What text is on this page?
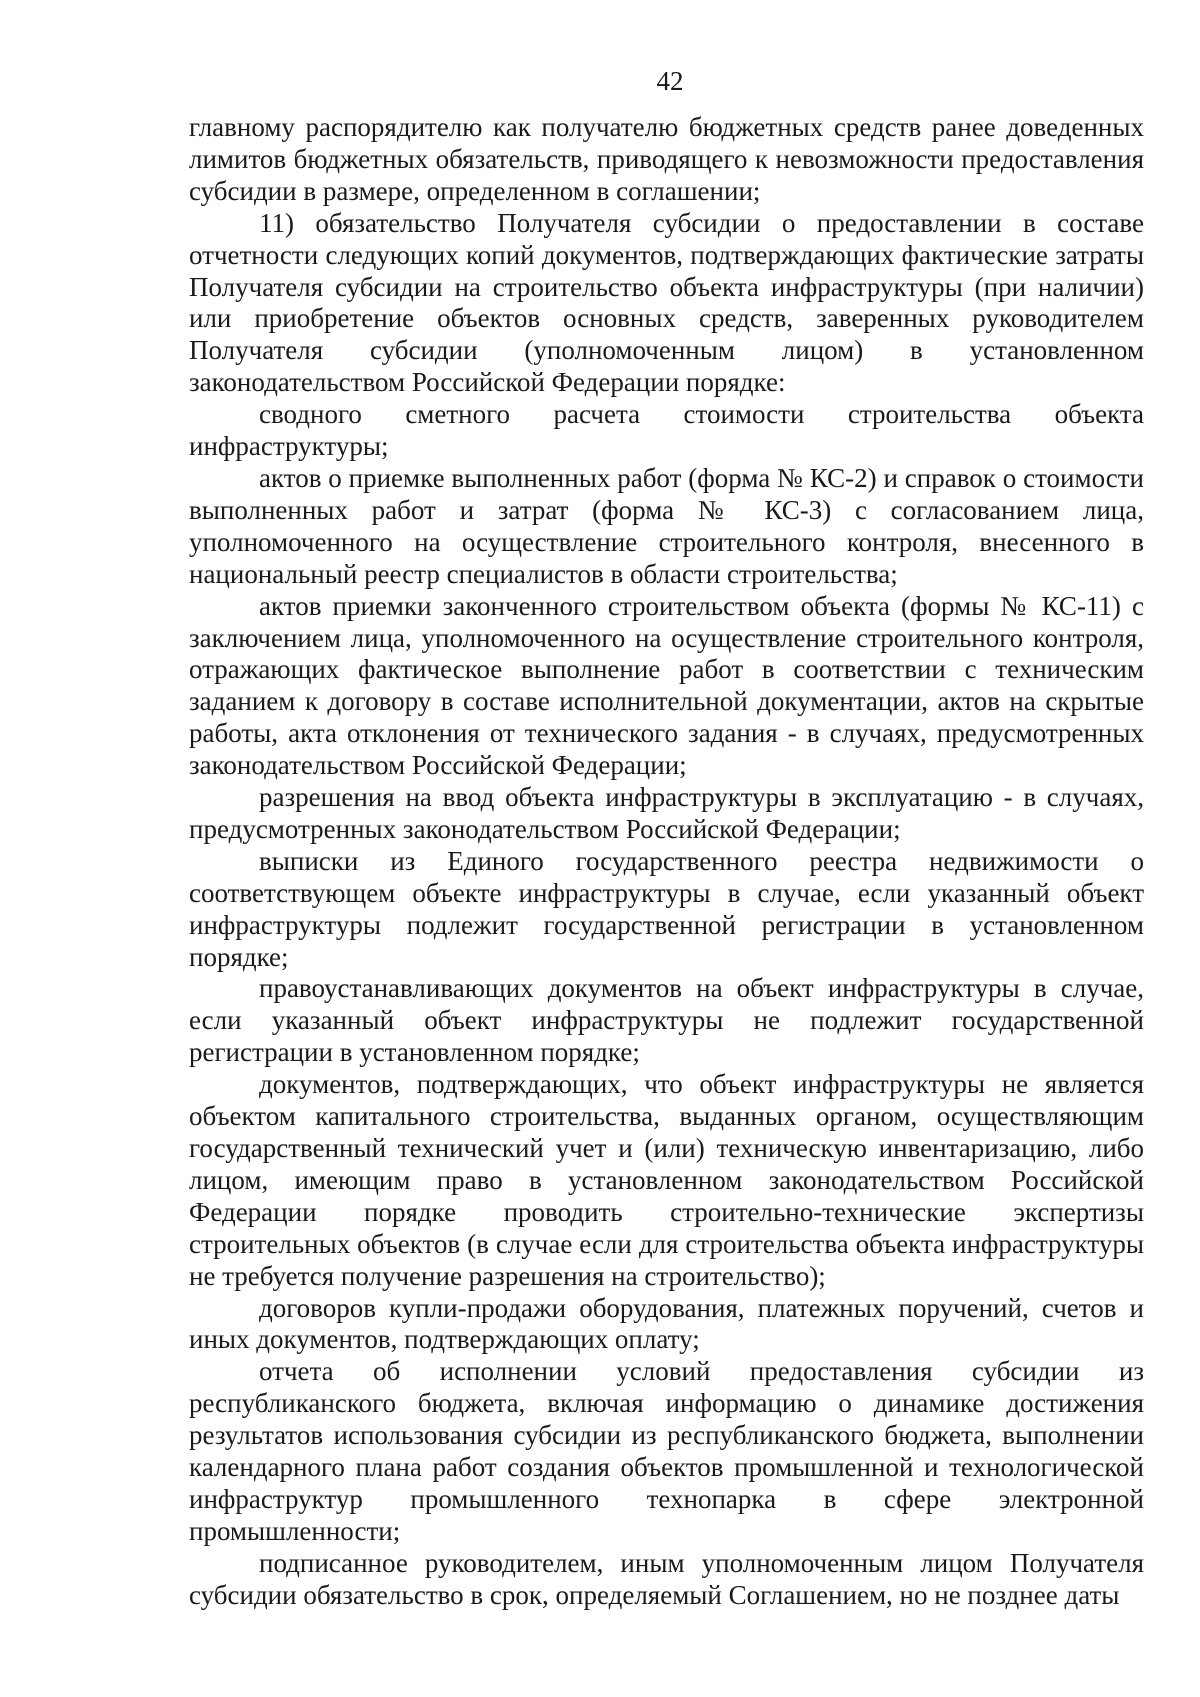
42

главному распорядителю как получателю бюджетных средств ранее доведенных лимитов бюджетных обязательств, приводящего к невозможности предоставления субсидии в размере, определенном в соглашении;

11) обязательство Получателя субсидии о предоставлении в составе отчетности следующих копий документов, подтверждающих фактические затраты Получателя субсидии на строительство объекта инфраструктуры (при наличии) или приобретение объектов основных средств, заверенных руководителем Получателя субсидии (уполномоченным лицом) в установленном законодательством Российской Федерации порядке:

сводного сметного расчета стоимости строительства объекта инфраструктуры;

актов о приемке выполненных работ (форма № КС-2) и справок о стоимости выполненных работ и затрат (форма № КС-3) с согласованием лица, уполномоченного на осуществление строительного контроля, внесенного в национальный реестр специалистов в области строительства;

актов приемки законченного строительством объекта (формы № КС-11) с заключением лица, уполномоченного на осуществление строительного контроля, отражающих фактическое выполнение работ в соответствии с техническим заданием к договору в составе исполнительной документации, актов на скрытые работы, акта отклонения от технического задания - в случаях, предусмотренных законодательством Российской Федерации;

разрешения на ввод объекта инфраструктуры в эксплуатацию - в случаях, предусмотренных законодательством Российской Федерации;

выписки из Единого государственного реестра недвижимости о соответствующем объекте инфраструктуры в случае, если указанный объект инфраструктуры подлежит государственной регистрации в установленном порядке;

правоустанавливающих документов на объект инфраструктуры в случае, если указанный объект инфраструктуры не подлежит государственной регистрации в установленном порядке;

документов, подтверждающих, что объект инфраструктуры не является объектом капитального строительства, выданных органом, осуществляющим государственный технический учет и (или) техническую инвентаризацию, либо лицом, имеющим право в установленном законодательством Российской Федерации порядке проводить строительно-технические экспертизы строительных объектов (в случае если для строительства объекта инфраструктуры не требуется получение разрешения на строительство);

договоров купли-продажи оборудования, платежных поручений, счетов и иных документов, подтверждающих оплату;

отчета об исполнении условий предоставления субсидии из республиканского бюджета, включая информацию о динамике достижения результатов использования субсидии из республиканского бюджета, выполнении календарного плана работ создания объектов промышленной и технологической инфраструктур промышленного технопарка в сфере электронной промышленности;

подписанное руководителем, иным уполномоченным лицом Получателя субсидии обязательство в срок, определяемый Соглашением, но не позднее даты
